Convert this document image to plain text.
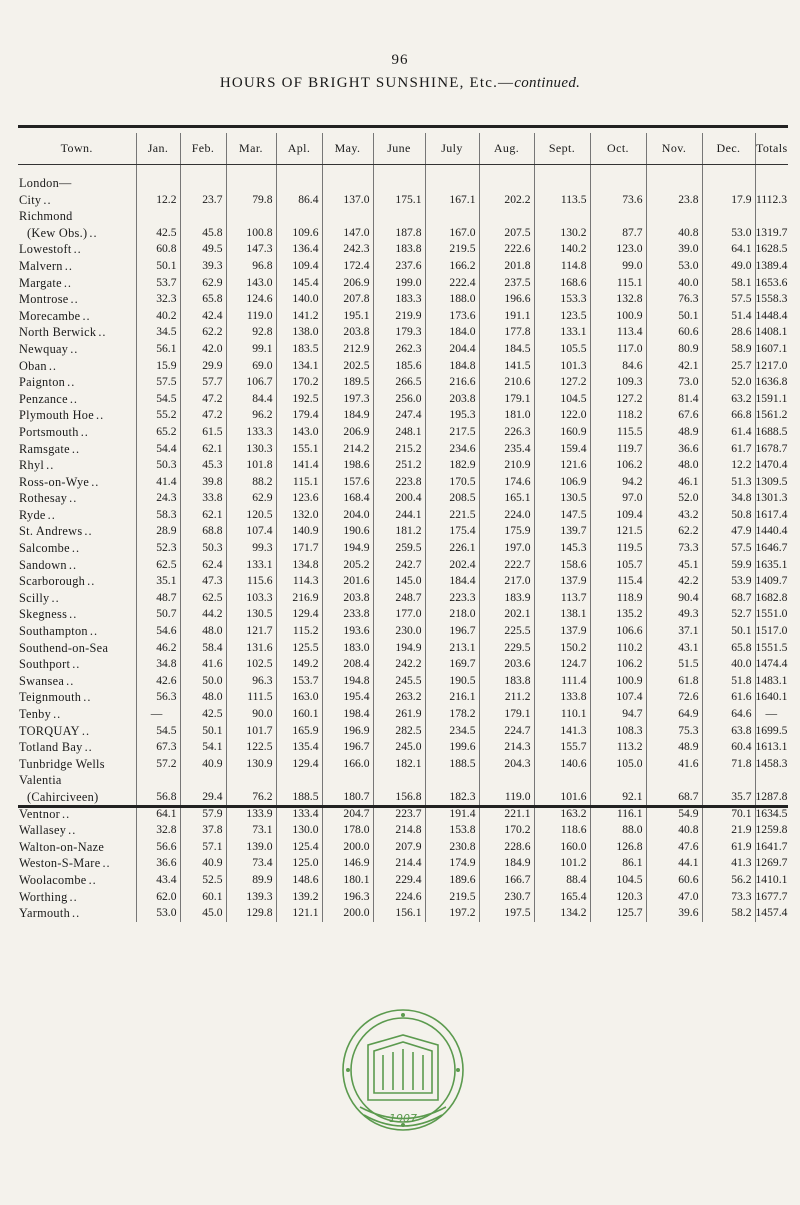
96
HOURS OF BRIGHT SUNSHINE, Etc.—continued.
Town.	Jan.	Feb.	Mar.	Apl.	May.	June	July	Aug.	Sept.	Oct.	Nov.	Dec.	Totals

London—													
City ..	12.2	23.7	79.8	86.4	137.0	175.1	167.1	202.2	113.5	73.6	23.8	17.9	1112.3
Richmond													
(Kew Obs.) ..	42.5	45.8	100.8	109.6	147.0	187.8	167.0	207.5	130.2	87.7	40.8	53.0	1319.7
Lowestoft ..	60.8	49.5	147.3	136.4	242.3	183.8	219.5	222.6	140.2	123.0	39.0	64.1	1628.5
Malvern ..	50.1	39.3	96.8	109.4	172.4	237.6	166.2	201.8	114.8	99.0	53.0	49.0	1389.4
Margate ..	53.7	62.9	143.0	145.4	206.9	199.0	222.4	237.5	168.6	115.1	40.0	58.1	1653.6
Montrose ..	32.3	65.8	124.6	140.0	207.8	183.3	188.0	196.6	153.3	132.8	76.3	57.5	1558.3
Morecambe ..	40.2	42.4	119.0	141.2	195.1	219.9	173.6	191.1	123.5	100.9	50.1	51.4	1448.4
North Berwick ..	34.5	62.2	92.8	138.0	203.8	179.3	184.0	177.8	133.1	113.4	60.6	28.6	1408.1
Newquay ..	56.1	42.0	99.1	183.5	212.9	262.3	204.4	184.5	105.5	117.0	80.9	58.9	1607.1
Oban ..	15.9	29.9	69.0	134.1	202.5	185.6	184.8	141.5	101.3	84.6	42.1	25.7	1217.0
Paignton ..	57.5	57.7	106.7	170.2	189.5	266.5	216.6	210.6	127.2	109.3	73.0	52.0	1636.8
Penzance ..	54.5	47.2	84.4	192.5	197.3	256.0	203.8	179.1	104.5	127.2	81.4	63.2	1591.1
Plymouth Hoe ..	55.2	47.2	96.2	179.4	184.9	247.4	195.3	181.0	122.0	118.2	67.6	66.8	1561.2
Portsmouth ..	65.2	61.5	133.3	143.0	206.9	248.1	217.5	226.3	160.9	115.5	48.9	61.4	1688.5
Ramsgate ..	54.4	62.1	130.3	155.1	214.2	215.2	234.6	235.4	159.4	119.7	36.6	61.7	1678.7
Rhyl ..	50.3	45.3	101.8	141.4	198.6	251.2	182.9	210.9	121.6	106.2	48.0	12.2	1470.4
Ross-on-Wye ..	41.4	39.8	88.2	115.1	157.6	223.8	170.5	174.6	106.9	94.2	46.1	51.3	1309.5
Rothesay ..	24.3	33.8	62.9	123.6	168.4	200.4	208.5	165.1	130.5	97.0	52.0	34.8	1301.3
Ryde ..	58.3	62.1	120.5	132.0	204.0	244.1	221.5	224.0	147.5	109.4	43.2	50.8	1617.4
St. Andrews ..	28.9	68.8	107.4	140.9	190.6	181.2	175.4	175.9	139.7	121.5	62.2	47.9	1440.4
Salcombe ..	52.3	50.3	99.3	171.7	194.9	259.5	226.1	197.0	145.3	119.5	73.3	57.5	1646.7
Sandown ..	62.5	62.4	133.1	134.8	205.2	242.7	202.4	222.7	158.6	105.7	45.1	59.9	1635.1
Scarborough ..	35.1	47.3	115.6	114.3	201.6	145.0	184.4	217.0	137.9	115.4	42.2	53.9	1409.7
Scilly ..	48.7	62.5	103.3	216.9	203.8	248.7	223.3	183.9	113.7	118.9	90.4	68.7	1682.8
Skegness ..	50.7	44.2	130.5	129.4	233.8	177.0	218.0	202.1	138.1	135.2	49.3	52.7	1551.0
Southampton ..	54.6	48.0	121.7	115.2	193.6	230.0	196.7	225.5	137.9	106.6	37.1	50.1	1517.0
Southend-on-Sea	46.2	58.4	131.6	125.5	183.0	194.9	213.1	229.5	150.2	110.2	43.1	65.8	1551.5
Southport ..	34.8	41.6	102.5	149.2	208.4	242.2	169.7	203.6	124.7	106.2	51.5	40.0	1474.4
Swansea ..	42.6	50.0	96.3	153.7	194.8	245.5	190.5	183.8	111.4	100.9	61.8	51.8	1483.1
Teignmouth ..	56.3	48.0	111.5	163.0	195.4	263.2	216.1	211.2	133.8	107.4	72.6	61.6	1640.1
Tenby ..	—	42.5	90.0	160.1	198.4	261.9	178.2	179.1	110.1	94.7	64.9	64.6	—
TORQUAY ..	54.5	50.1	101.7	165.9	196.9	282.5	234.5	224.7	141.3	108.3	75.3	63.8	1699.5
Totland Bay ..	67.3	54.1	122.5	135.4	196.7	245.0	199.6	214.3	155.7	113.2	48.9	60.4	1613.1
Tunbridge Wells	57.2	40.9	130.9	129.4	166.0	182.1	188.5	204.3	140.6	105.0	41.6	71.8	1458.3
Valentia													
(Cahirciveen)	56.8	29.4	76.2	188.5	180.7	156.8	182.3	119.0	101.6	92.1	68.7	35.7	1287.8
Ventnor ..	64.1	57.9	133.9	133.4	204.7	223.7	191.4	221.1	163.2	116.1	54.9	70.1	1634.5
Wallasey ..	32.8	37.8	73.1	130.0	178.0	214.8	153.8	170.2	118.6	88.0	40.8	21.9	1259.8
Walton-on-Naze	56.6	57.1	139.0	125.4	200.0	207.9	230.8	228.6	160.0	126.8	47.6	61.9	1641.7
Weston-S-Mare ..	36.6	40.9	73.4	125.0	146.9	214.4	174.9	184.9	101.2	86.1	44.1	41.3	1269.7
Woolacombe ..	43.4	52.5	89.9	148.6	180.1	229.4	189.6	166.7	88.4	104.5	60.6	56.2	1410.1
Worthing ..	62.0	60.1	139.3	139.2	196.3	224.6	219.5	230.7	165.4	120.3	47.0	73.3	1677.7
Yarmouth ..	53.0	45.0	129.8	121.1	200.0	156.1	197.2	197.5	134.2	125.7	39.6	58.2	1457.4
1907
